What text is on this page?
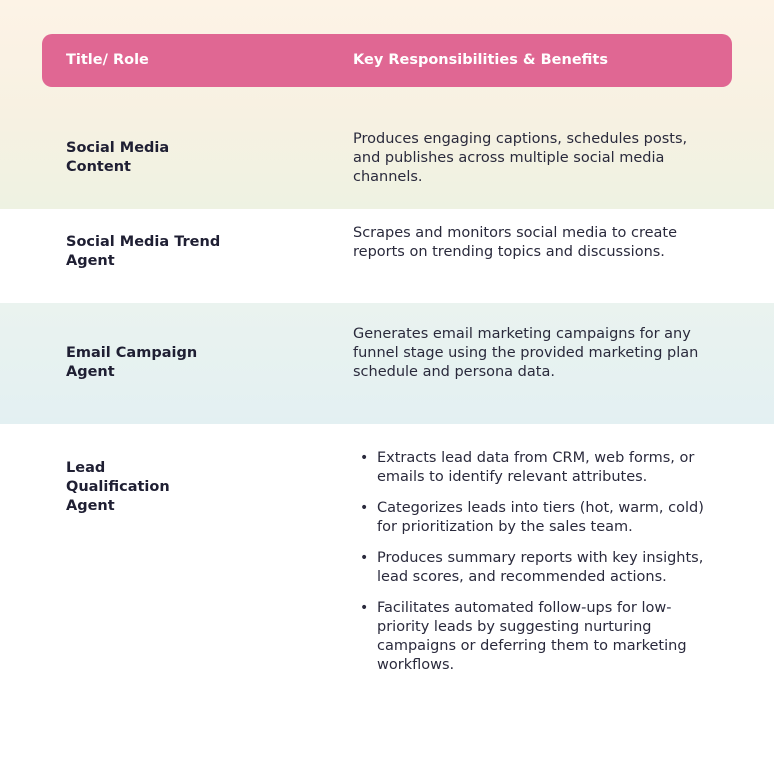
Title/ Role	Key Responsibilities & Benefits
Social Media Content
Produces engaging captions, schedules posts, and publishes across multiple social media channels.
Social Media Trend Agent
Scrapes and monitors social media to create reports on trending topics and discussions.
Email Campaign Agent
Generates email marketing campaigns for any funnel stage using the provided marketing plan schedule and persona data.
Lead Qualification Agent
• Extracts lead data from CRM, web forms, or emails to identify relevant attributes.
• Categorizes leads into tiers (hot, warm, cold) for prioritization by the sales team.
• Produces summary reports with key insights, lead scores, and recommended actions.
• Facilitates automated follow-ups for low-priority leads by suggesting nurturing campaigns or deferring them to marketing workflows.
